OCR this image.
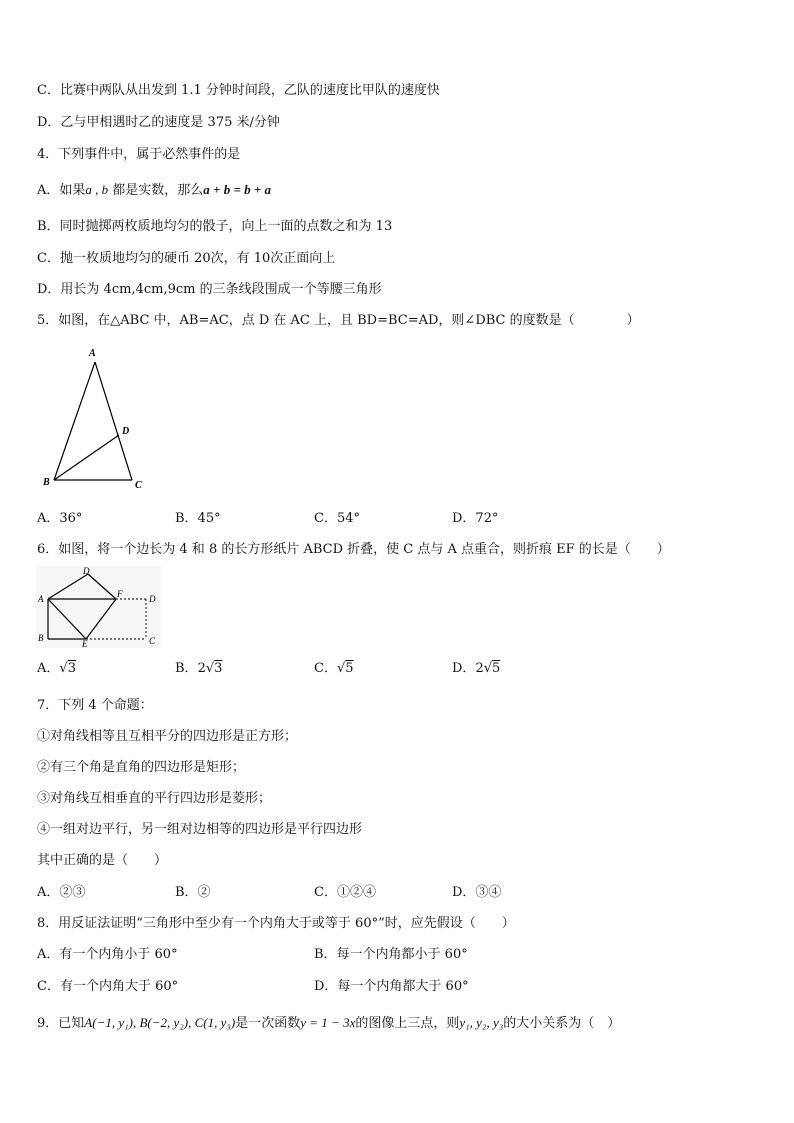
C．比赛中两队从出发到 1.1 分钟时间段，乙队的速度比甲队的速度快
D．乙与甲相遇时乙的速度是 375 米/分钟
4．下列事件中，属于必然事件的是
A．如果a , b 都是实数，那么a + b = b + a
B．同时抛掷两枚质地均匀的骰子，向上一面的点数之和为 13
C．抛一枚质地均匀的硬币 20次，有 10次正面向上
D．用长为 4cm,4cm,9cm 的三条线段围成一个等腰三角形
5．如图，在△ABC 中，AB=AC，点 D 在 AC 上，且 BD=BC=AD，则∠DBC 的度数是（　　　　）
A
D
B	C
A．36°	B．45°	C．54°	D．72°
6．如图，将一个边长为 4 和 8 的长方形纸片 ABCD 折叠，使 C 点与 A 点重合，则折痕 EF 的长是（　　）
D
A	F	D
B
E	C
A．√3	B．2√3	C．√5	D．2√5
7．下列 4 个命题：
①对角线相等且互相平分的四边形是正方形；
②有三个角是直角的四边形是矩形；
③对角线互相垂直的平行四边形是菱形；
④一组对边平行，另一组对边相等的四边形是平行四边形
其中正确的是（　　）
A．②③	B．②	C．①②④	D．③④
8．用反证法证明“三角形中至少有一个内角大于或等于 60°”时，应先假设（　　）
A．有一个内角小于 60°	B．每一个内角都小于 60°
C．有一个内角大于 60°	D．每一个内角都大于 60°
9．已知A(−1, y₁), B(−2, y₂), C(1, y₃)是一次函数y = 1 − 3x的图像上三点，则y₁, y₂, y₃的大小关系为（　）
